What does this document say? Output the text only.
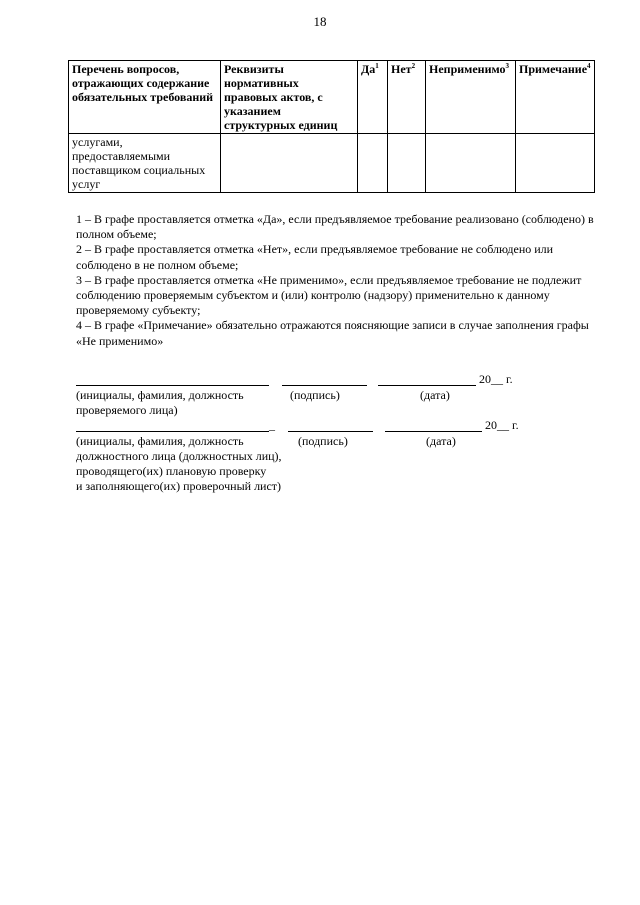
18
Перечень вопросов, отражающих содержание обязательных требований	Реквизиты нормативных правовых актов, с указанием структурных единиц	$Да^1$	Нет$^2$	Неприменимо$^3$	Примечание$^4$
услугами, предоставляемыми поставщиком социальных услуг					

1 – В графе проставляется отметка «Да», если предъявляемое требование реализовано (соблюдено) в полном объеме;

2 – В графе проставляется отметка «Нет», если предъявляемое требование не соблюдено или соблюдено в не полном объеме;

3 – В графе проставляется отметка «Не применимо», если предъявляемое требование не подлежит соблюдению проверяемым субъектом и (или) контролю (надзору) применительно к данному проверяемому субъекту;

4 – В графе «Примечание» обязательно отражаются поясняющие записи в случае заполнения графы «Не применимо»

20__ г.
(инициалы, фамилия, должность	(подпись)	(дата)
проверяемого лица)
_	20__ г.
(инициалы, фамилия, должность	(подпись)	(дата)
должностного лица (должностных лиц),
проводящего(их) плановую проверку
и заполняющего(их) проверочный лист)
